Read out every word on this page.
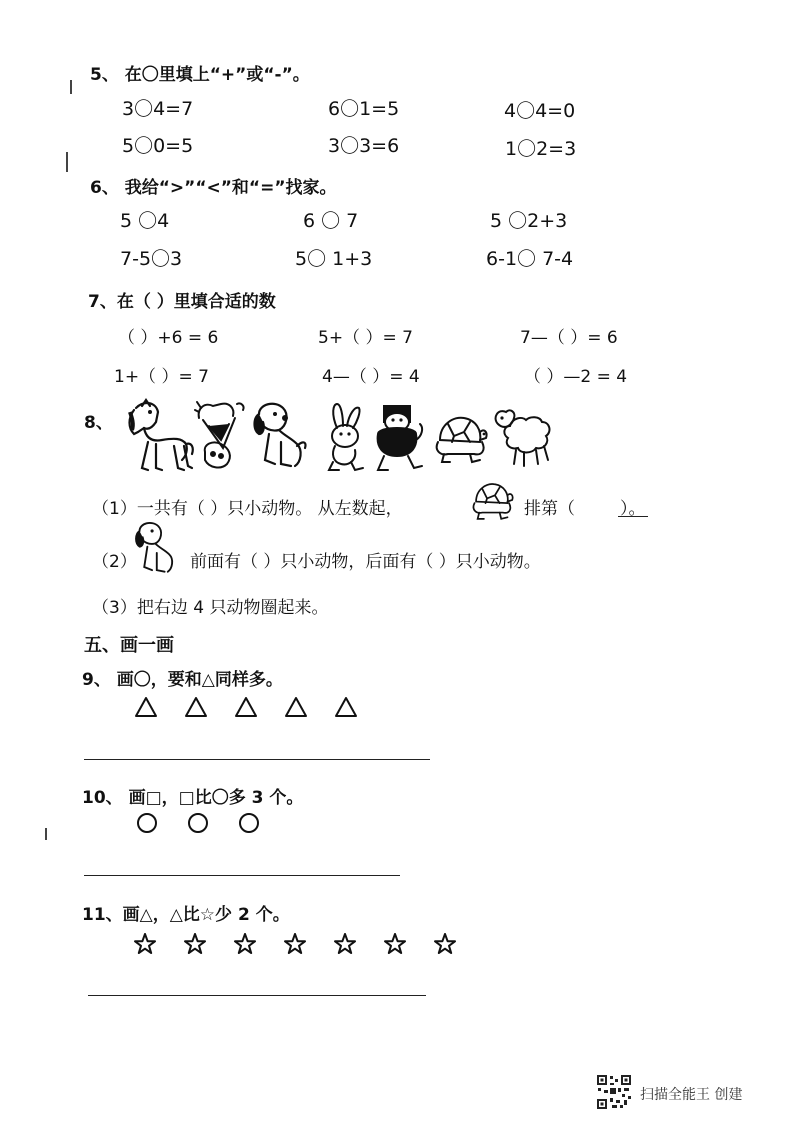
5、 在〇里填上“+”或“-”。
3〇4=7	6〇1=5	4〇4=0
5〇0=5	3〇3=6	1〇2=3
6、 我给“>”“<”和“=”找家。
5 〇4	6 〇 7	5 〇2+3
7-5〇3	5〇 1+3	6-1〇 7-4
7、在（ ）里填合适的数
（ ）+6 = 6	5+（ ）= 7	7—（ ）= 6
1+（ ）= 7	4—（ ）= 4	（ ）—2 = 4
8、
（1）一共有（ ）只小动物。 从左数起，	排第（	）。
（2）	前面有（ ）只小动物，后面有（ ）只小动物。
（3）把右边 4 只动物圈起来。
五、画一画
9、 画〇，要和△同样多。
10、 画□，□比〇多 3 个。
11、画△，△比☆少 2 个。
扫描全能王 创建
